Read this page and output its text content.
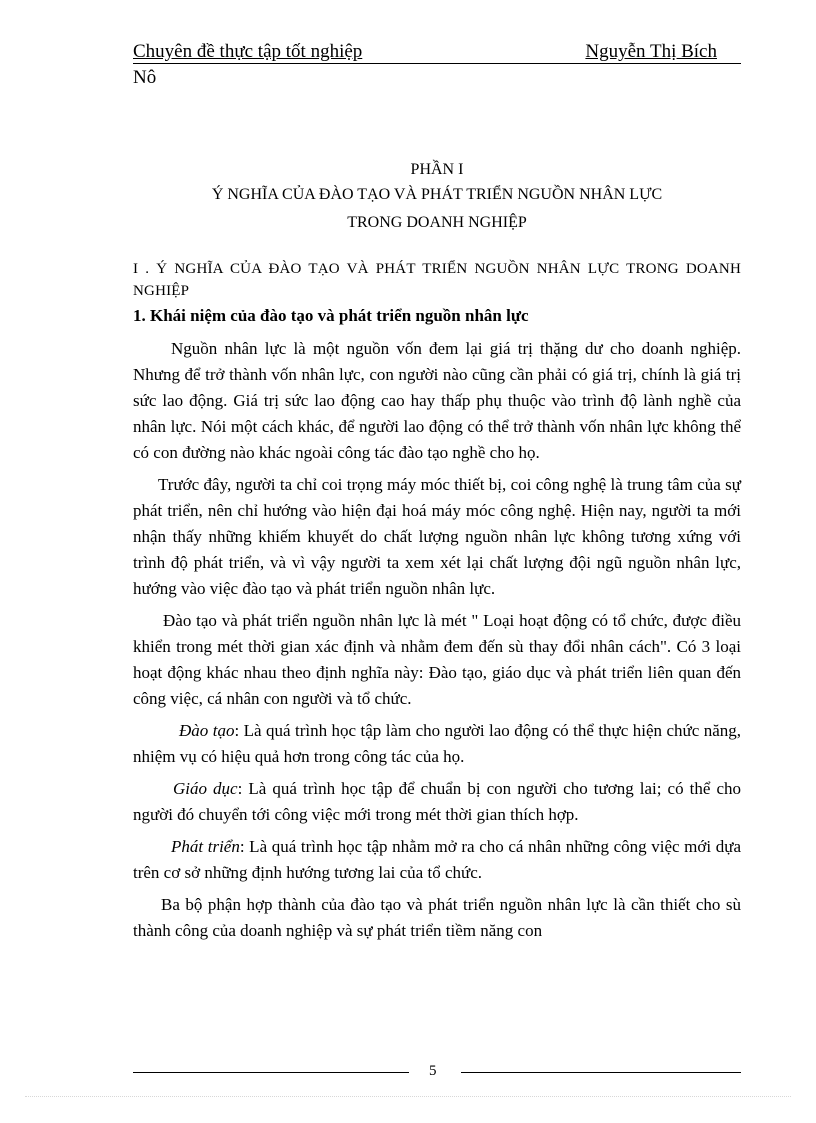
Chuyên đề thực tập tốt nghiệp	Nguyễn Thị Bích
Nô
PHẦN I
Ý NGHĨA CỦA ĐÀO TẠO VÀ PHÁT TRIỂN NGUỒN NHÂN LỰC
TRONG DOANH NGHIỆP
I . Ý NGHĨA CỦA ĐÀO TẠO VÀ PHÁT TRIỂN NGUỒN NHÂN LỰC TRONG DOANH NGHIỆP
1. Khái niệm của đào tạo và phát triển nguồn nhân lực

Nguồn nhân lực là một nguồn vốn đem lại giá trị thặng dư cho doanh nghiệp. Nhưng để trở thành vốn nhân lực, con người nào cũng cần phải có giá trị, chính là giá trị sức lao động. Giá trị sức lao động cao hay thấp phụ thuộc vào trình độ lành nghề của nhân lực. Nói một cách khác, để người lao động có thể trở thành vốn nhân lực không thể có con đường nào khác ngoài công tác đào tạo nghề cho họ.

Trước đây, người ta chỉ coi trọng máy móc thiết bị, coi công nghệ là trung tâm của sự phát triển, nên chỉ hướng vào hiện đại hoá máy móc công nghệ. Hiện nay, người ta mới nhận thấy những khiếm khuyết do chất lượng nguồn nhân lực không tương xứng với trình độ phát triển, và vì vậy người ta xem xét lại chất lượng đội ngũ nguồn nhân lực, hướng vào việc đào tạo và phát triển nguồn nhân lực.

Đào tạo và phát triển nguồn nhân lực là mét " Loại hoạt động có tổ chức, được điều khiển trong mét thời gian xác định và nhằm đem đến sù thay đổi nhân cách". Có 3 loại hoạt động khác nhau theo định nghĩa này: Đào tạo, giáo dục và phát triển liên quan đến công việc, cá nhân con người và tổ chức.

Đào tạo: Là quá trình học tập làm cho người lao động có thể thực hiện chức năng, nhiệm vụ có hiệu quả hơn trong công tác của họ.

Giáo dục: Là quá trình học tập để chuẩn bị con người cho tương lai; có thể cho người đó chuyển tới công việc mới trong mét thời gian thích hợp.

Phát triển: Là quá trình học tập nhằm mở ra cho cá nhân những công việc mới dựa trên cơ sở những định hướng tương lai của tổ chức.

Ba bộ phận hợp thành của đào tạo và phát triển nguồn nhân lực là cần thiết cho sù thành công của doanh nghiệp và sự phát triển tiềm năng con

5
